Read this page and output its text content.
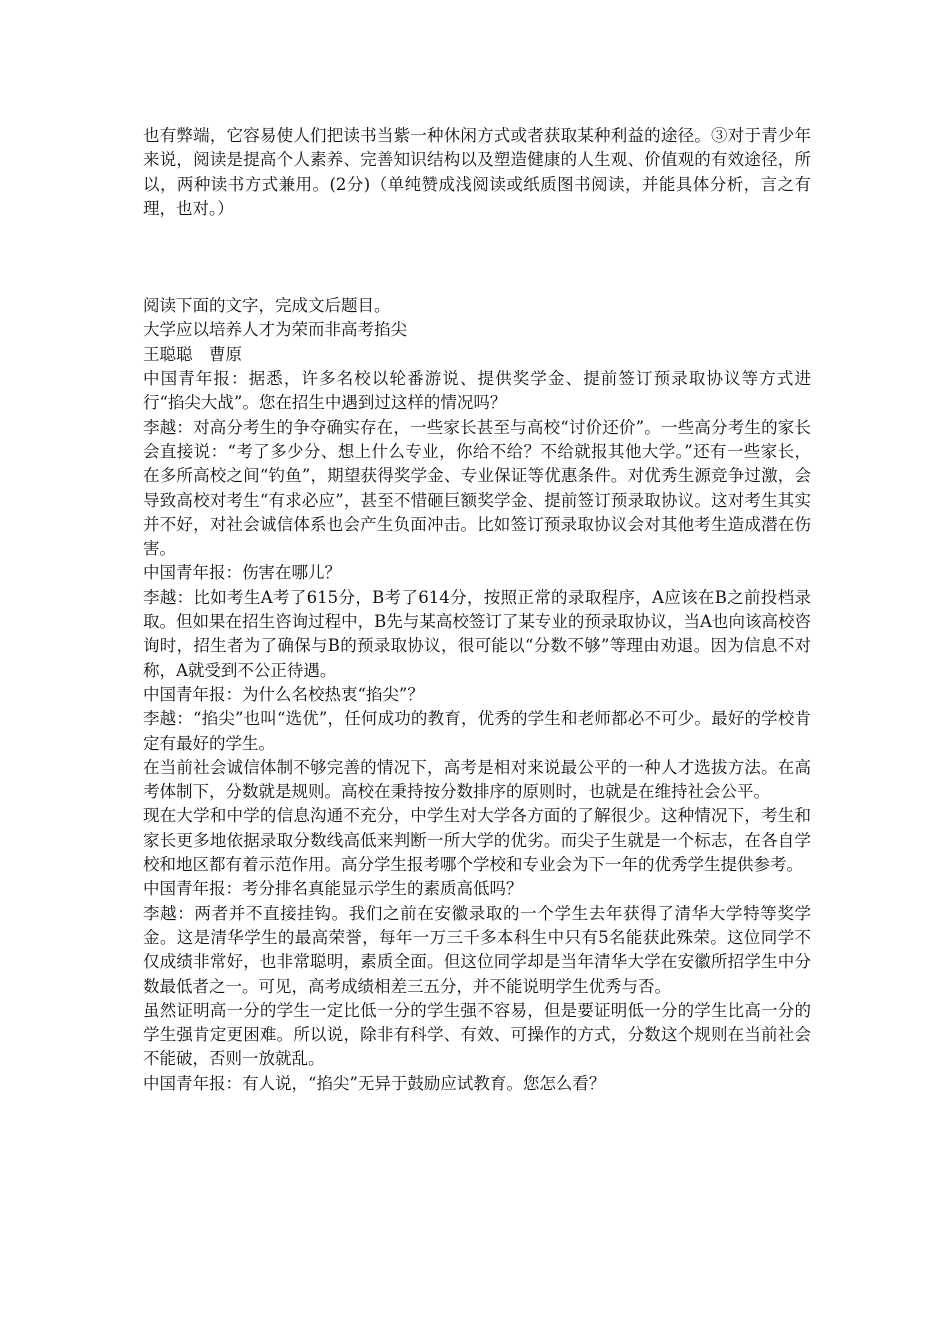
也有弊端，它容易使人们把读书当紫一种休闲方式或者获取某种利益的途径。③对于青少年来说，阅读是提高个人素养、完善知识结构以及塑造健康的人生观、价值观的有效途径，所以，两种读书方式兼用。(2分)（单纯赞成浅阅读或纸质图书阅读，并能具体分析，言之有理，也对。）

阅读下面的文字，完成文后题目。

大学应以培养人才为荣而非高考掐尖

王聪聪　曹原

中国青年报：据悉，许多名校以轮番游说、提供奖学金、提前签订预录取协议等方式进行“掐尖大战”。您在招生中遇到过这样的情况吗？

李越：对高分考生的争夺确实存在，一些家长甚至与高校“讨价还价”。一些高分考生的家长会直接说：“考了多少分、想上什么专业，你给不给？不给就报其他大学。”还有一些家长，在多所高校之间“钓鱼”，期望获得奖学金、专业保证等优惠条件。对优秀生源竞争过激，会导致高校对考生“有求必应”，甚至不惜砸巨额奖学金、提前签订预录取协议。这对考生其实并不好，对社会诚信体系也会产生负面冲击。比如签订预录取协议会对其他考生造成潜在伤害。

中国青年报：伤害在哪儿？

李越：比如考生A考了615分，B考了614分，按照正常的录取程序，A应该在B之前投档录取。但如果在招生咨询过程中，B先与某高校签订了某专业的预录取协议，当A也向该高校咨询时，招生者为了确保与B的预录取协议，很可能以“分数不够”等理由劝退。因为信息不对称，A就受到不公正待遇。

中国青年报：为什么名校热衷“掐尖”？

李越：“掐尖”也叫“选优”，任何成功的教育，优秀的学生和老师都必不可少。最好的学校肯定有最好的学生。

在当前社会诚信体制不够完善的情况下，高考是相对来说最公平的一种人才选拔方法。在高考体制下，分数就是规则。高校在秉持按分数排序的原则时，也就是在维持社会公平。

现在大学和中学的信息沟通不充分，中学生对大学各方面的了解很少。这种情况下，考生和家长更多地依据录取分数线高低来判断一所大学的优劣。而尖子生就是一个标志，在各自学校和地区都有着示范作用。高分学生报考哪个学校和专业会为下一年的优秀学生提供参考。

中国青年报：考分排名真能显示学生的素质高低吗？

李越：两者并不直接挂钩。我们之前在安徽录取的一个学生去年获得了清华大学特等奖学金。这是清华学生的最高荣誉，每年一万三千多本科生中只有5名能获此殊荣。这位同学不仅成绩非常好，也非常聪明，素质全面。但这位同学却是当年清华大学在安徽所招学生中分数最低者之一。可见，高考成绩相差三五分，并不能说明学生优秀与否。

虽然证明高一分的学生一定比低一分的学生强不容易，但是要证明低一分的学生比高一分的学生强肯定更困难。所以说，除非有科学、有效、可操作的方式，分数这个规则在当前社会不能破，否则一放就乱。

中国青年报：有人说，“掐尖”无异于鼓励应试教育。您怎么看？
